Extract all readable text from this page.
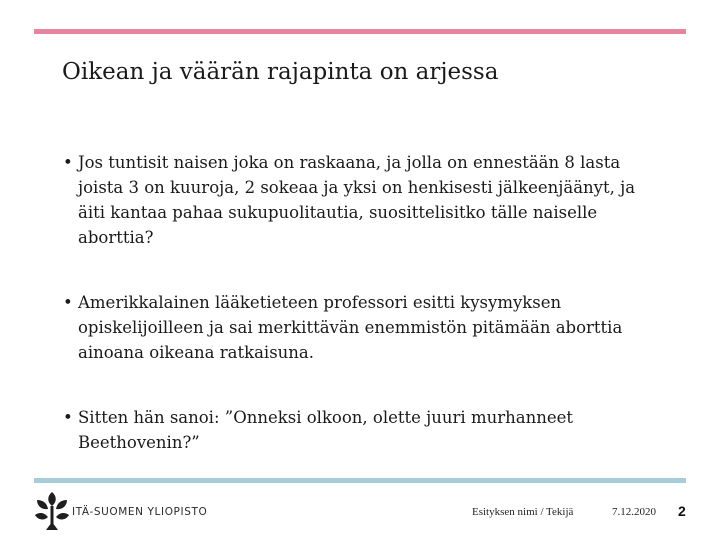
Oikean ja väärän rajapinta on arjessa
• Jos tuntisit naisen joka on raskaana, ja jolla on ennestään 8 lasta joista 3 on kuuroja, 2 sokeaa ja yksi on henkisesti jälkeenjäänyt, ja äiti kantaa pahaa sukupuolitautia, suosittelisitko tälle naiselle aborttia?
• Amerikkalainen lääketieteen professori esitti kysymyksen opiskelijoilleen ja sai merkittävän enemmistön pitämään aborttia ainoana oikeana ratkaisuna.
• Sitten hän sanoi: ”Onneksi olkoon, olette juuri murhanneet Beethovenin?”
ITÄ-SUOMEN YLIOPISTO	Esityksen nimi / Tekijä	7.12.2020 2
